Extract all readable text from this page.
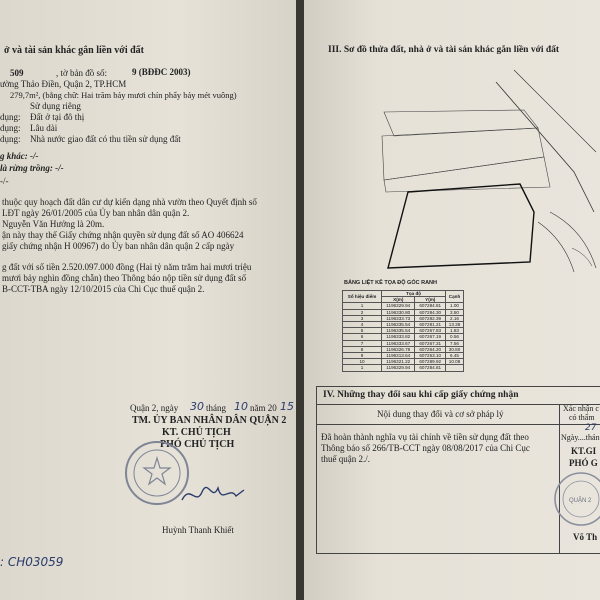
ở và tài sản khác gắn liền với đất
509	, tờ bản đồ số:	9 (BĐĐC 2003)
ường Thảo Điền, Quận 2, TP.HCM
279,7m², (bằng chữ: Hai trăm bảy mươi chín phẩy bảy mét vuông)
Sử dụng riêng
dụng: Đất ở tại đô thị
dụng: Lâu dài
dụng: Nhà nước giao đất có thu tiền sử dụng đất
g khác: -/-
là rừng trồng: -/-
-/-
thuộc quy hoạch đất dân cư dự kiến dạng nhà vườn theo Quyết định số
LĐT ngày 26/01/2005 của Ủy ban nhân dân quận 2.
Nguyễn Văn Hưởng là 20m.
ận này thay thế Giấy chứng nhận quyền sử dụng đất số AO 406624
giấy chứng nhận H 00967) do Ủy ban nhân dân quận 2 cấp ngày
g đất với số tiền 2.520.097.000 đồng (Hai tỷ năm trăm hai mươi triệu
mươi bảy nghìn đồng chẵn) theo Thông báo nộp tiền sử dụng đất số
B-CCT-TBA ngày 12/10/2015 của Chi Cục thuế quận 2.
Quận 2, ngày 30 tháng 10 năm 20 15
TM. ỦY BAN NHÂN DÂN QUẬN 2
KT. CHỦ TỊCH
PHÓ CHỦ TỊCH
Huỳnh Thanh Khiết
: CH03059
III. Sơ đồ thửa đất, nhà ở và tài sản khác gắn liền với đất
BẢNG LIỆT KÊ TỌA ĐỘ GÓC RANH
Số hiệu điểm	Tọa độ		Cạnh
	X(m)	Y(m)	
1	1196329.94	607284.81	1.00
2	1196330.80	607284.30	3.50
3	1196333.73	607282.39	2.16
4	1196335.54	607281.21	13.38
5	1196335.54	607267.83	1.83
6	1196333.82	607267.19	0.56
7	1196333.67	607267.31	7.56
8	1196326.78	607264.20	30.80
9	1196313.64	607253.10	6.45
10	1196321.22	607289.92	10.08
1	1196329.94	607284.81	
IV. Những thay đổi sau khi cấp giấy chứng nhận
Nội dung thay đổi và cơ sở pháp lý
Xác nhận c
có thẩm
Đã hoàn thành nghĩa vụ tài chính về tiền sử dụng đất theo
Thông báo số 266/TB-CCT ngày 08/08/2017 của Chi Cục
thuế quận 2./.
27
Ngày....thán
KT.GI
PHÓ G
QUẬN 2
Võ Th
